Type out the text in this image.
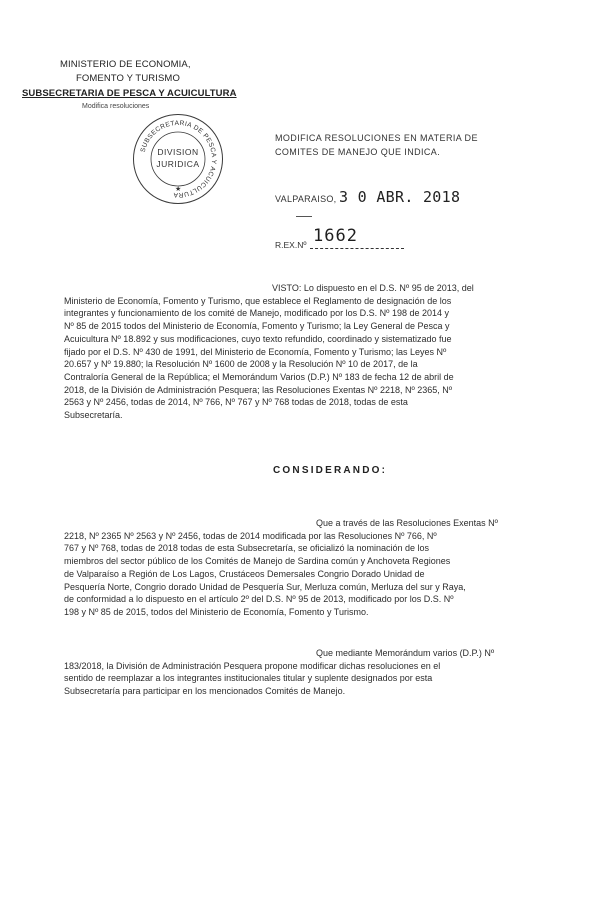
MINISTERIO DE ECONOMIA,
FOMENTO Y TURISMO
SUBSECRETARIA DE PESCA Y ACUICULTURA
Modifica resoluciones
SUBSECRETARIA DE PESCA Y ACUICULTURA
DIVISION
JURIDICA
★
MODIFICA RESOLUCIONES EN MATERIA DE
COMITES DE MANEJO QUE INDICA.
VALPARAISO, 3 0 ABR. 2018
1662
R.EX.Nº
VISTO: Lo dispuesto en el D.S. Nº 95 de 2013, del
Ministerio de Economía, Fomento y Turismo, que establece el Reglamento de designación de los
integrantes y funcionamiento de los comité de Manejo, modificado por los D.S. Nº 198 de 2014 y
Nº 85 de 2015 todos del Ministerio de Economía, Fomento y Turismo; la Ley General de Pesca y
Acuicultura Nº 18.892 y sus modificaciones, cuyo texto refundido, coordinado y sistematizado fue
fijado por el D.S. Nº 430 de 1991, del Ministerio de Economía, Fomento y Turismo; las Leyes Nº
20.657 y Nº 19.880; la Resolución Nº 1600 de 2008 y la Resolución Nº 10 de 2017, de la
Contraloría General de la República; el Memorándum Varios (D.P.) Nº 183 de fecha 12 de abril de
2018, de la División de Administración Pesquera; las Resoluciones Exentas Nº 2218, Nº 2365, Nº
2563 y Nº 2456, todas de 2014, Nº 766, Nº 767 y Nº 768 todas de 2018, todas de esta
Subsecretaría.
CONSIDERANDO:
Que a través de las Resoluciones Exentas Nº
2218, Nº 2365 Nº 2563 y Nº 2456, todas de 2014 modificada por las Resoluciones Nº 766, Nº
767 y Nº 768, todas de 2018 todas de esta Subsecretaría, se oficializó la nominación de los
miembros del sector público de los Comités de Manejo de Sardina común y Anchoveta Regiones
de Valparaíso a Región de Los Lagos, Crustáceos Demersales Congrio Dorado Unidad de
Pesquería Norte, Congrio dorado Unidad de Pesquería Sur, Merluza común, Merluza del sur y Raya,
de conformidad a lo dispuesto en el artículo 2º del D.S. Nº 95 de 2013, modificado por los D.S. Nº
198 y Nº 85 de 2015, todos del Ministerio de Economía, Fomento y Turismo.
Que mediante Memorándum varios (D.P.) Nº
183/2018, la División de Administración Pesquera propone modificar dichas resoluciones en el
sentido de reemplazar a los integrantes institucionales titular y suplente designados por esta
Subsecretaría para participar en los mencionados Comités de Manejo.
